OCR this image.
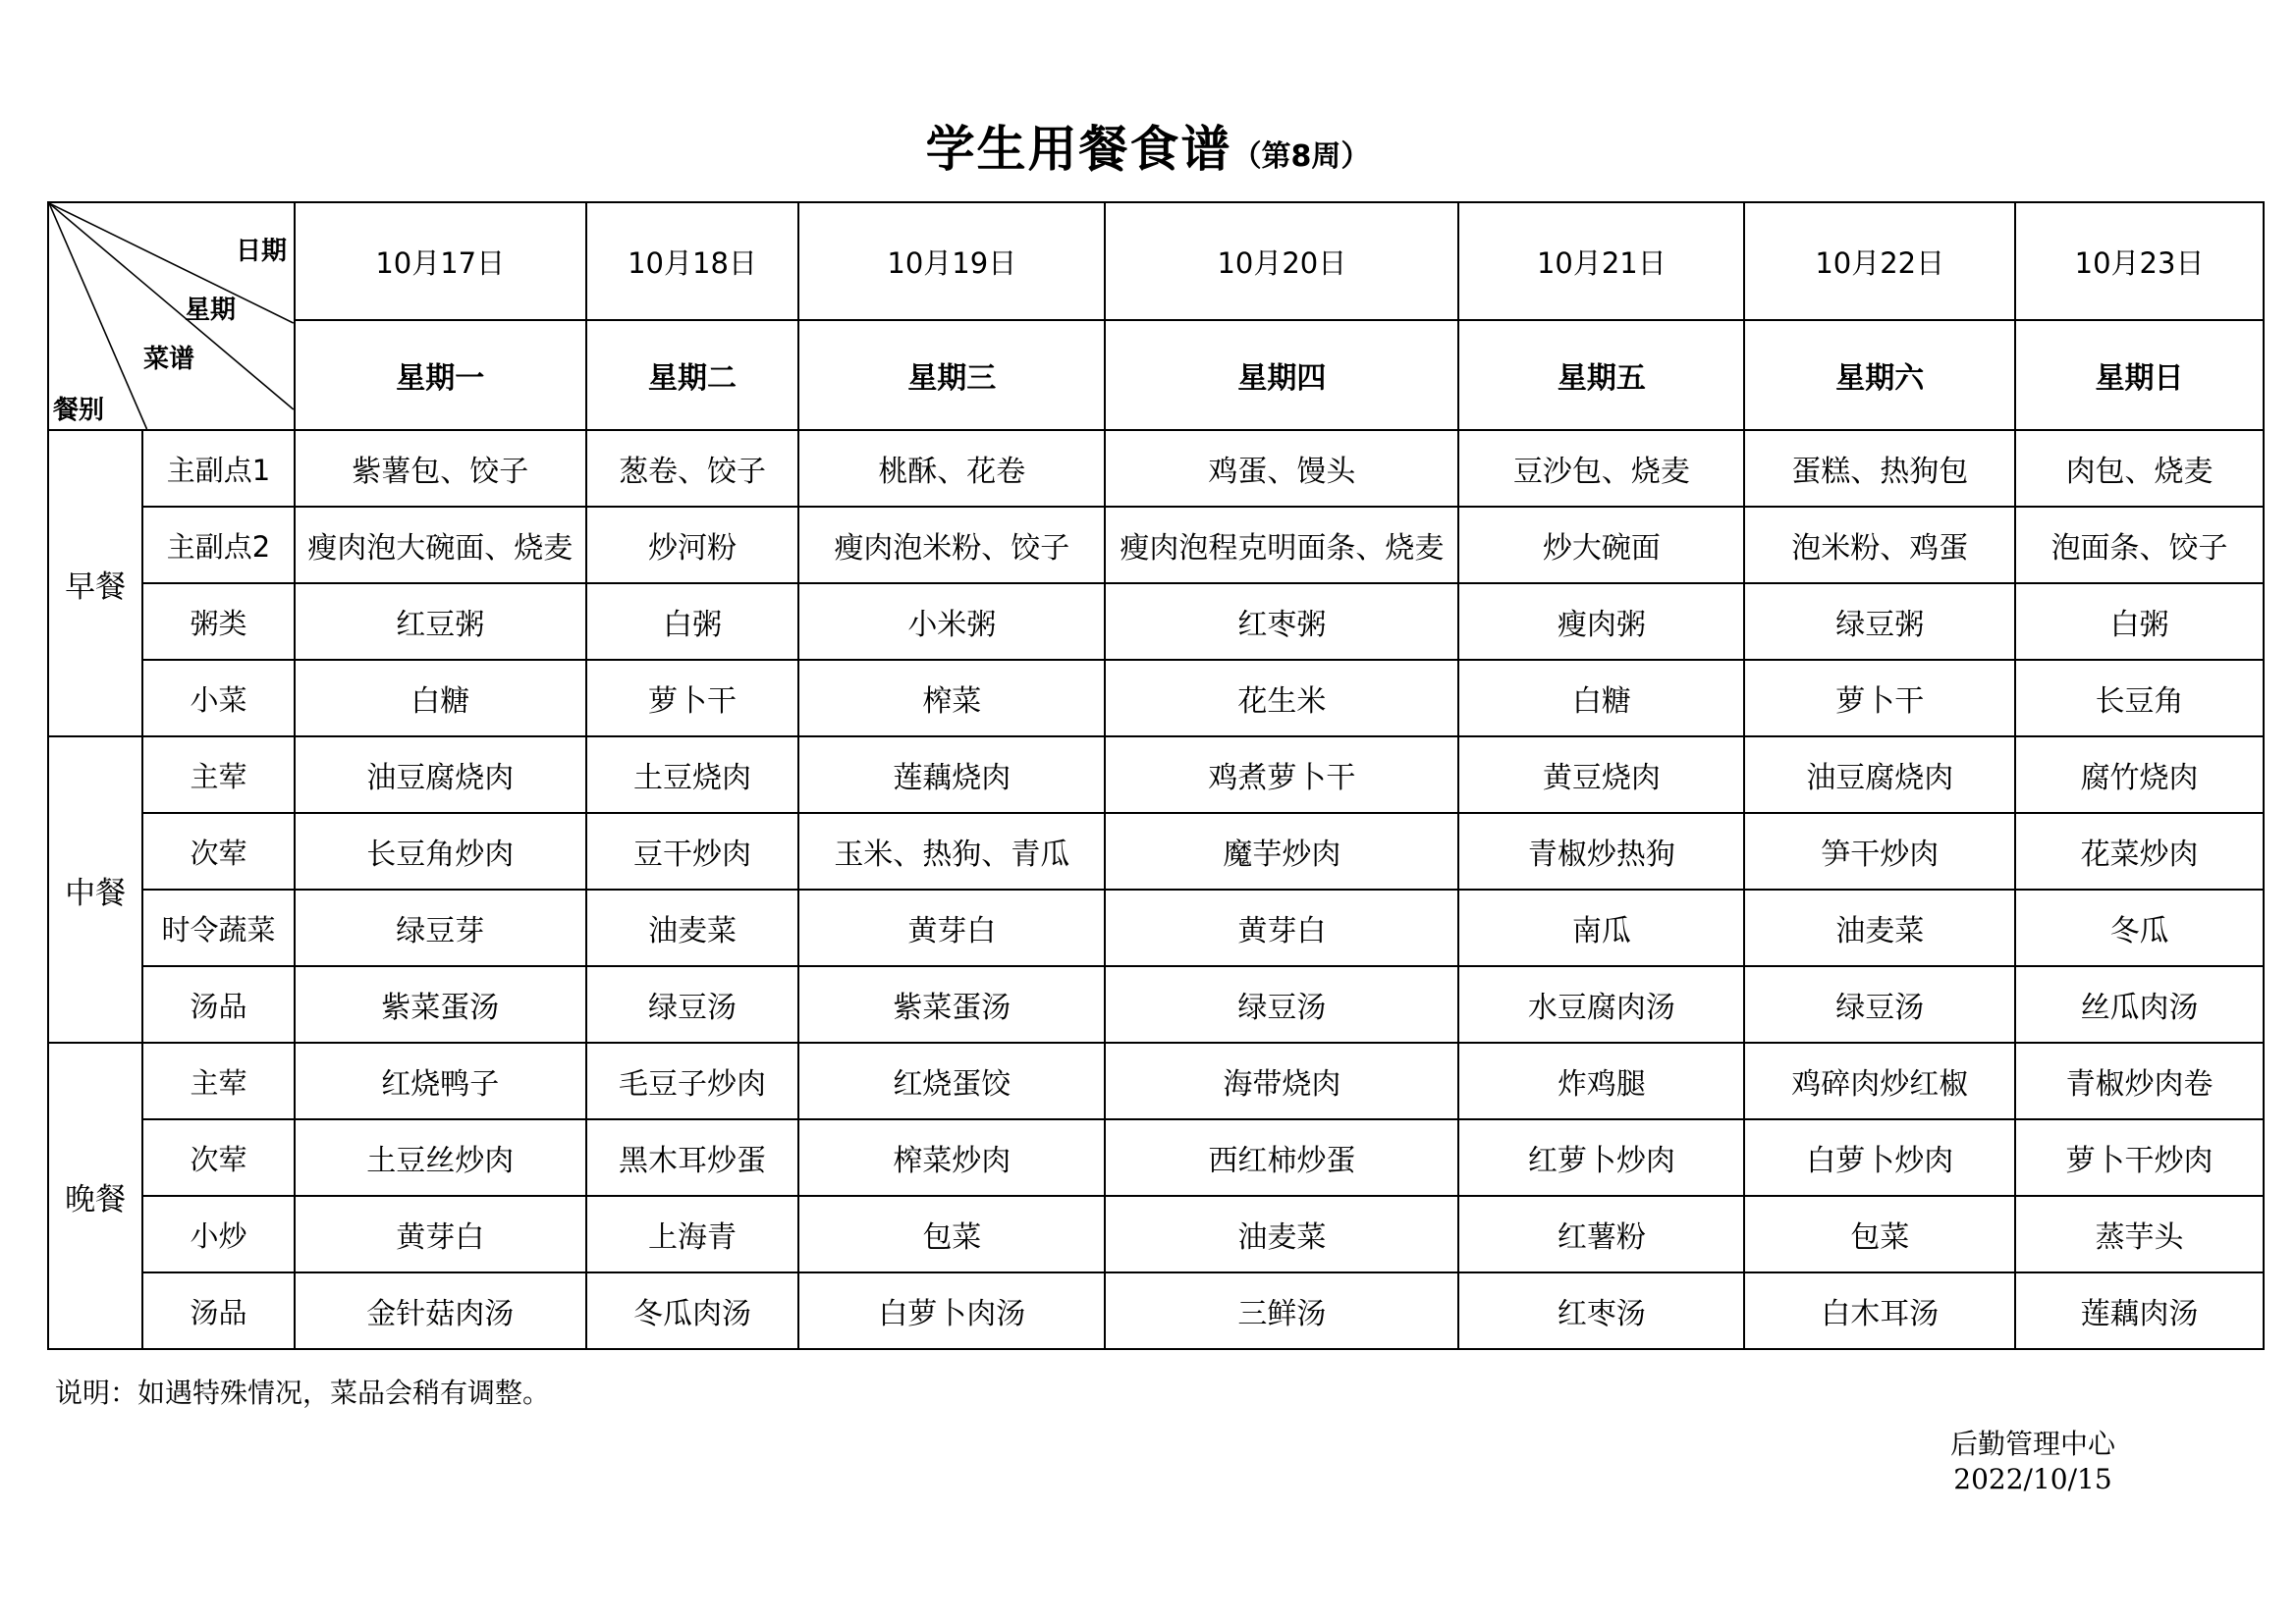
学生用餐食谱（第8周）
日期
星期
菜谱
餐别		10月17日	10月18日	10月19日	10月20日	10月21日	10月22日	10月23日
		星期一	星期二	星期三	星期四	星期五	星期六	星期日
早餐	主副点1	紫薯包、饺子	葱卷、饺子	桃酥、花卷	鸡蛋、馒头	豆沙包、烧麦	蛋糕、热狗包	肉包、烧麦
	主副点2	瘦肉泡大碗面、烧麦	炒河粉	瘦肉泡米粉、饺子	瘦肉泡程克明面条、烧麦	炒大碗面	泡米粉、鸡蛋	泡面条、饺子
	粥类	红豆粥	白粥	小米粥	红枣粥	瘦肉粥	绿豆粥	白粥
	小菜	白糖	萝卜干	榨菜	花生米	白糖	萝卜干	长豆角
中餐	主荤	油豆腐烧肉	土豆烧肉	莲藕烧肉	鸡煮萝卜干	黄豆烧肉	油豆腐烧肉	腐竹烧肉
	次荤	长豆角炒肉	豆干炒肉	玉米、热狗、青瓜	魔芋炒肉	青椒炒热狗	笋干炒肉	花菜炒肉
	时令蔬菜	绿豆芽	油麦菜	黄芽白	黄芽白	南瓜	油麦菜	冬瓜
	汤品	紫菜蛋汤	绿豆汤	紫菜蛋汤	绿豆汤	水豆腐肉汤	绿豆汤	丝瓜肉汤
晚餐	主荤	红烧鸭子	毛豆子炒肉	红烧蛋饺	海带烧肉	炸鸡腿	鸡碎肉炒红椒	青椒炒肉卷
	次荤	土豆丝炒肉	黑木耳炒蛋	榨菜炒肉	西红柿炒蛋	红萝卜炒肉	白萝卜炒肉	萝卜干炒肉
	小炒	黄芽白	上海青	包菜	油麦菜	红薯粉	包菜	蒸芋头
	汤品	金针菇肉汤	冬瓜肉汤	白萝卜肉汤	三鲜汤	红枣汤	白木耳汤	莲藕肉汤
说明：如遇特殊情况，菜品会稍有调整。
后勤管理中心
2022/10/15
